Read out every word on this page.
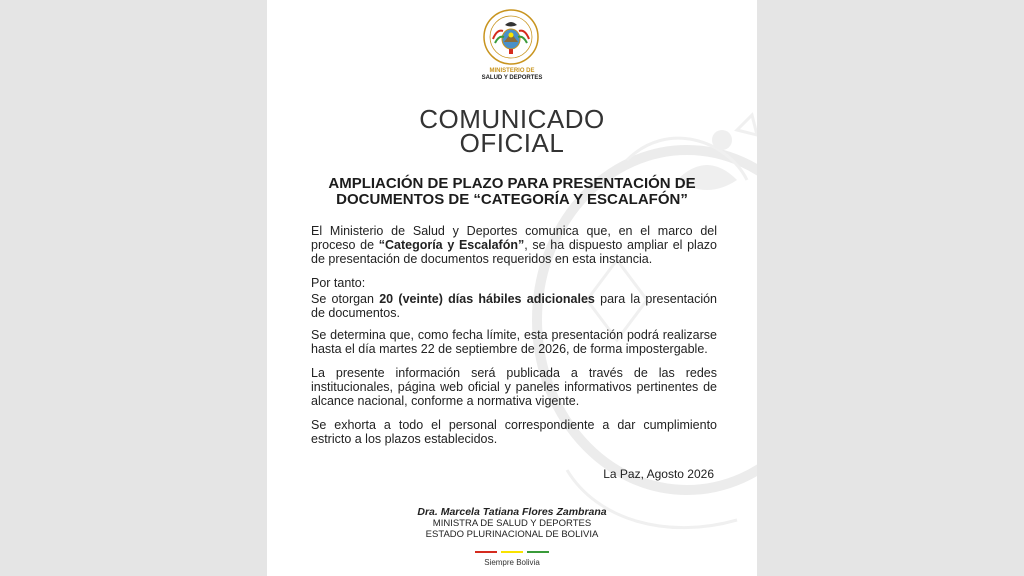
MINISTERIO DE
SALUD Y DEPORTES
COMUNICADO
OFICIAL
AMPLIACIÓN DE PLAZO PARA PRESENTACIÓN DE
DOCUMENTOS DE “CATEGORÍA Y ESCALAFÓN”

El Ministerio de Salud y Deportes comunica que, en el marco del proceso de “Categoría y Escalafón”, se ha dispuesto ampliar el plazo de presentación de documentos requeridos en esta instancia.

Por tanto:

Se otorgan 20 (veinte) días hábiles adicionales para la presentación de documentos.

Se determina que, como fecha límite, esta presentación podrá realizarse hasta el día martes 22 de septiembre de 2026, de forma impostergable.

La presente información será publicada a través de las redes institucionales, página web oficial y paneles informativos pertinentes de alcance nacional, conforme a normativa vigente.

Se exhorta a todo el personal correspondiente a dar cumplimiento estricto a los plazos establecidos.

La Paz, Agosto 2026
Dra. Marcela Tatiana Flores Zambrana
MINISTRA DE SALUD Y DEPORTES
ESTADO PLURINACIONAL DE BOLIVIA
Siempre Bolivia
